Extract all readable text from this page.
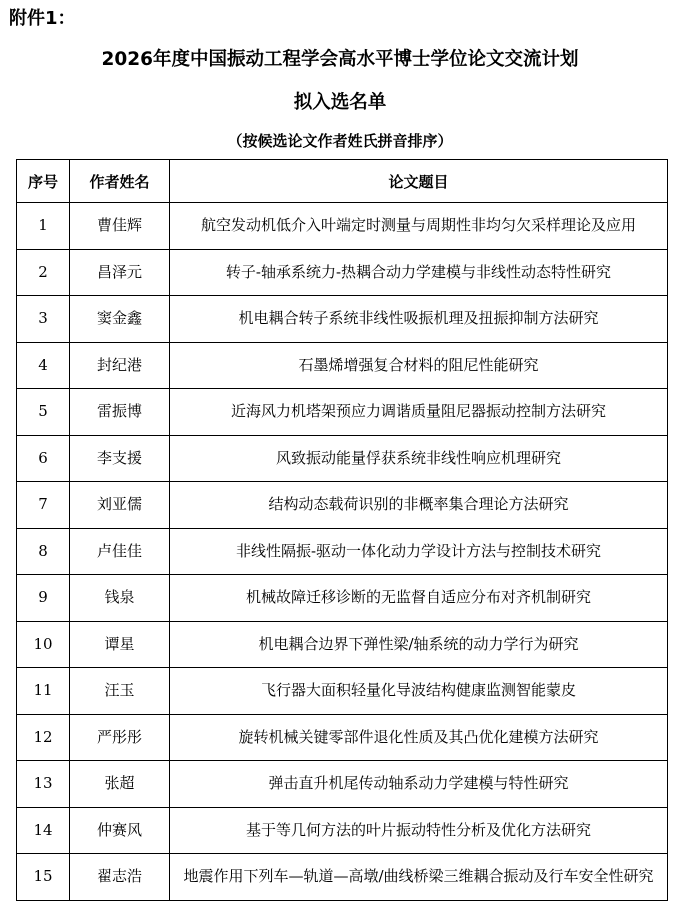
附件1：
2026年度中国振动工程学会高水平博士学位论文交流计划
拟入选名单
（按候选论文作者姓氏拼音排序）
序号	作者姓名	论文题目
1	曹佳辉	航空发动机低介入叶端定时测量与周期性非均匀欠采样理论及应用
2	昌泽元	转子-轴承系统力-热耦合动力学建模与非线性动态特性研究
3	窦金鑫	机电耦合转子系统非线性吸振机理及扭振抑制方法研究
4	封纪港	石墨烯增强复合材料的阻尼性能研究
5	雷振博	近海风力机塔架预应力调谐质量阻尼器振动控制方法研究
6	李支援	风致振动能量俘获系统非线性响应机理研究
7	刘亚儒	结构动态载荷识别的非概率集合理论方法研究
8	卢佳佳	非线性隔振-驱动一体化动力学设计方法与控制技术研究
9	钱泉	机械故障迁移诊断的无监督自适应分布对齐机制研究
10	谭星	机电耦合边界下弹性梁/轴系统的动力学行为研究
11	汪玉	飞行器大面积轻量化导波结构健康监测智能蒙皮
12	严彤彤	旋转机械关键零部件退化性质及其凸优化建模方法研究
13	张超	弹击直升机尾传动轴系动力学建模与特性研究
14	仲赛风	基于等几何方法的叶片振动特性分析及优化方法研究
15	翟志浩	地震作用下列车—轨道—高墩/曲线桥梁三维耦合振动及行车安全性研究
